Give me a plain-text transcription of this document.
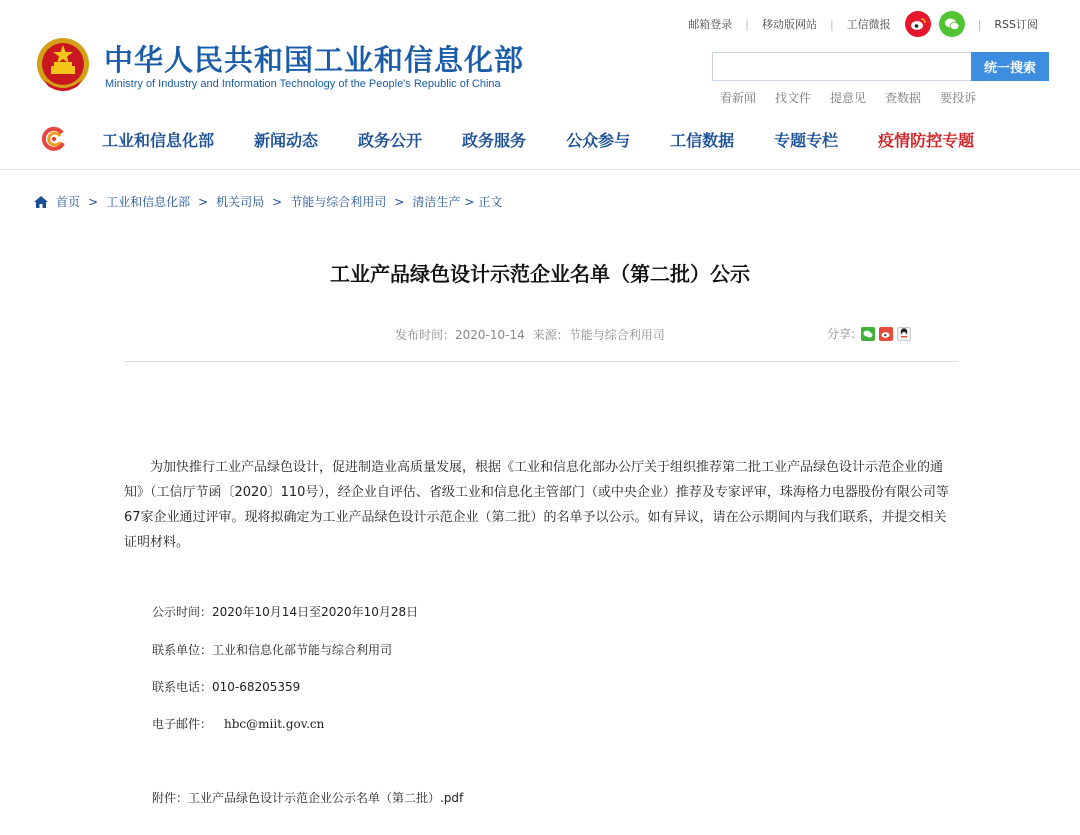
中华人民共和国工业和信息化部
Ministry of Industry and Information Technology of the People's Republic of China
邮箱登录 | 移动版网站 | 工信微报	| RSS订阅
统一搜索
看新闻 找文件 提意见 查数据 要投诉
工业和信息化部	新闻动态	政务公开	政务服务	公众参与	工信数据	专题专栏	疫情防控专题
首页 > 工业和信息化部 > 机关司局 > 节能与综合利用司 > 清洁生产 > 正文
工业产品绿色设计示范企业名单（第二批）公示
发布时间：2020-10-14 来源：节能与综合利用司	分享:
为加快推行工业产品绿色设计，促进制造业高质量发展，根据《工业和信息化部办公厅关于组织推荐第二批工业产品绿色设计示范企业的通知》（工信厅节函〔2020〕110号），经企业自评估、省级工业和信息化主管部门（或中央企业）推荐及专家评审，珠海格力电器股份有限公司等67家企业通过评审。现将拟确定为工业产品绿色设计示范企业（第二批）的名单予以公示。如有异议，请在公示期间内与我们联系，并提交相关证明材料。
公示时间：2020年10月14日至2020年10月28日
联系单位：工业和信息化部节能与综合利用司
联系电话：010-68205359
电子邮件： hbc@miit.gov.cn
附件：工业产品绿色设计示范企业公示名单（第二批）.pdf
